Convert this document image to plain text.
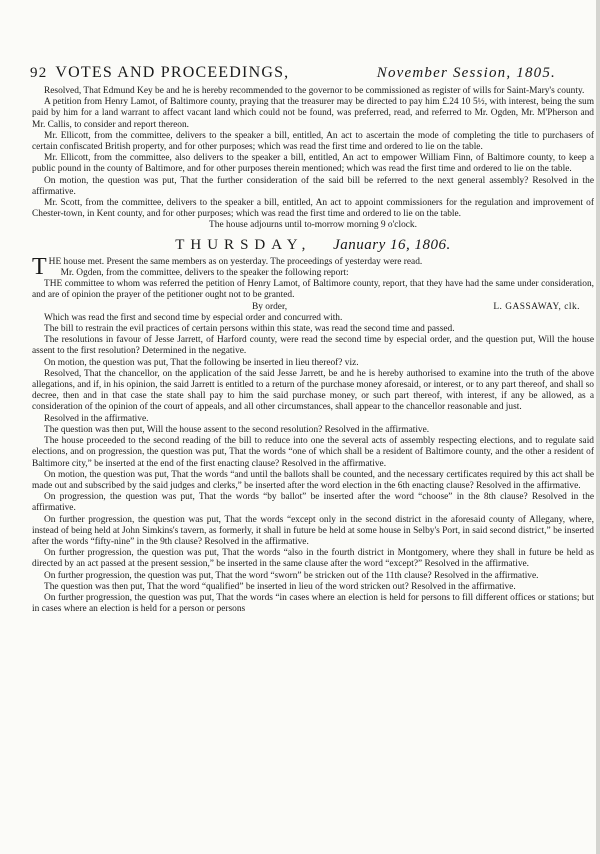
92 VOTES AND PROCEEDINGS,	November Session, 1805.

Resolved, That Edmund Key be and he is hereby recommended to the governor to be commissioned as register of wills for Saint-Mary's county.

A petition from Henry Lamot, of Baltimore county, praying that the treasurer may be directed to pay him £.24 10 5½, with interest, being the sum paid by him for a land warrant to affect vacant land which could not be found, was preferred, read, and referred to Mr. Ogden, Mr. M'Pherson and Mr. Callis, to consider and report thereon.

Mr. Ellicott, from the committee, delivers to the speaker a bill, entitled, An act to ascertain the mode of completing the title to purchasers of certain confiscated British property, and for other purposes; which was read the first time and ordered to lie on the table.

Mr. Ellicott, from the committee, also delivers to the speaker a bill, entitled, An act to empower William Finn, of Baltimore county, to keep a public pound in the county of Baltimore, and for other purposes therein mentioned; which was read the first time and ordered to lie on the table.

On motion, the question was put, That the further consideration of the said bill be referred to the next general assembly? Resolved in the affirmative.

Mr. Scott, from the committee, delivers to the speaker a bill, entitled, An act to appoint commissioners for the regulation and improvement of Chester-town, in Kent county, and for other purposes; which was read the first time and ordered to lie on the table.

The house adjourns until to-morrow morning 9 o'clock.

THURSDAY, January 16, 1806.

THE house met. Present the same members as on yesterday. The proceedings of yesterday were read.

Mr. Ogden, from the committee, delivers to the speaker the following report:

THE committee to whom was referred the petition of Henry Lamot, of Baltimore county, report, that they have had the same under consideration, and are of opinion the prayer of the petitioner ought not to be granted.

By order,	L. GASSAWAY, clk.

Which was read the first and second time by especial order and concurred with.

The bill to restrain the evil practices of certain persons within this state, was read the second time and passed.

The resolutions in favour of Jesse Jarrett, of Harford county, were read the second time by especial order, and the question put, Will the house assent to the first resolution? Determined in the negative.

On motion, the question was put, That the following be inserted in lieu thereof? viz.

Resolved, That the chancellor, on the application of the said Jesse Jarrett, be and he is hereby authorised to examine into the truth of the above allegations, and if, in his opinion, the said Jarrett is entitled to a return of the purchase money aforesaid, or interest, or to any part thereof, and shall so decree, then and in that case the state shall pay to him the said purchase money, or such part thereof, with interest, if any be allowed, as a consideration of the opinion of the court of appeals, and all other circumstances, shall appear to the chancellor reasonable and just.

Resolved in the affirmative.

The question was then put, Will the house assent to the second resolution? Resolved in the affirmative.

The house proceeded to the second reading of the bill to reduce into one the several acts of assembly respecting elections, and to regulate said elections, and on progression, the question was put, That the words “one of which shall be a resident of Baltimore county, and the other a resident of Baltimore city,” be inserted at the end of the first enacting clause? Resolved in the affirmative.

On motion, the question was put, That the words “and until the ballots shall be counted, and the necessary certificates required by this act shall be made out and subscribed by the said judges and clerks,” be inserted after the word election in the 6th enacting clause? Resolved in the affirmative.

On progression, the question was put, That the words “by ballot” be inserted after the word “choose” in the 8th clause? Resolved in the affirmative.

On further progression, the question was put, That the words “except only in the second district in the aforesaid county of Allegany, where, instead of being held at John Simkins's tavern, as formerly, it shall in future be held at some house in Selby's Port, in said second district,” be inserted after the words “fifty-nine” in the 9th clause? Resolved in the affirmative.

On further progression, the question was put, That the words “also in the fourth district in Montgomery, where they shall in future be held as directed by an act passed at the present session,” be inserted in the same clause after the word “except?” Resolved in the affirmative.

On further progression, the question was put, That the word “sworn” be stricken out of the 11th clause? Resolved in the affirmative.

The question was then put, That the word “qualified” be inserted in lieu of the word stricken out? Resolved in the affirmative.

On further progression, the question was put, That the words “in cases where an election is held for persons to fill different offices or stations; but in cases where an election is held for a person or persons
